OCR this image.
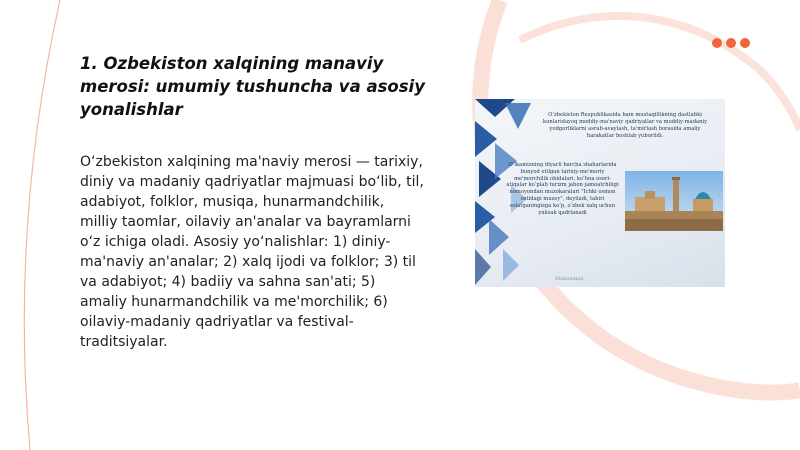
1. Ozbekiston xalqining manaviy merosi: umumiy tushuncha va asosiy yonalishlar

O‘zbekiston xalqining ma'naviy merosi — tarixiy, diniy va madaniy qadriyatlar majmuasi bo‘lib, til, adabiyot, folklor, musiqa, hunarmandchilik, milliy taomlar, oilaviy an'analar va bayramlarni o‘z ichiga oladi. Asosiy yo‘nalishlar: 1) diniy-ma'naviy an'analar; 2) xalq ijodi va folklor; 3) til va adabiyot; 4) badiiy va sahna san'ati; 5) amaliy hunarmandchilik va me'morchilik; 6) oilaviy-madaniy qadriyatlar va festival-traditsiyalar.

O‘zbekiston Respublikasida ham mustaqillikning dastlabki kunlaridayoq moddiy-ma'naviy qadriyatlar va moddiy-madaniy yodgorliklarni asrab-avaylash, ta'mirlash borasida amaliy harakatlar boshlab yuborildi.
O‘lkamizning diyarli barcha shaharlarida bunyod etilgan tarixiy-me'moriy me'morchilik obidalari, ko‘hna osori-atiqalar ko‘plab turizm jahon jamoatchiligi nomoyondan muzokaralari "Ichki osmon ostidagi muzey", deyiladi, tabiri eslatganingizga ko‘p, o‘zbek xalq uchun yuksak qadrlanadi
Mukammal
